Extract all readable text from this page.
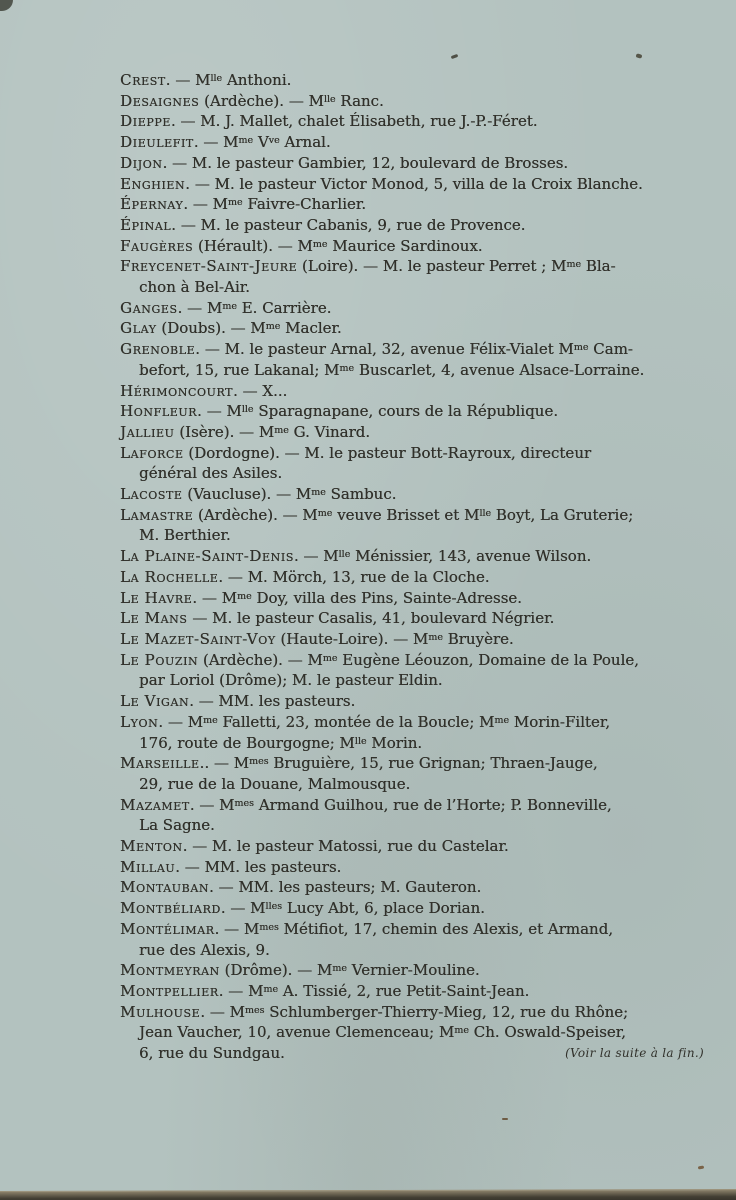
Crest. — Mlle Anthoni.
Desaignes (Ardèche). — Mlle Ranc.
Dieppe. — M. J. Mallet, chalet Élisabeth, rue J.-P.-Féret.
Dieulefit. — Mme Vve Arnal.
Dijon. — M. le pasteur Gambier, 12, boulevard de Brosses.
Enghien. — M. le pasteur Victor Monod, 5, villa de la Croix Blanche.
Épernay. — Mme Faivre-Charlier.
Épinal. — M. le pasteur Cabanis, 9, rue de Provence.
Faugères (Hérault). — Mme Maurice Sardinoux.
Freycenet-Saint-Jeure (Loire). — M. le pasteur Perret ; Mme Bla-
chon à Bel-Air.
Ganges. — Mme E. Carrière.
Glay (Doubs). — Mme Macler.
Grenoble. — M. le pasteur Arnal, 32, avenue Félix-Vialet Mme Cam-
befort, 15, rue Lakanal; Mme Buscarlet, 4, avenue Alsace-Lorraine.
Hérimoncourt. — X...
Honfleur. — Mlle Sparagnapane, cours de la République.
Jallieu (Isère). — Mme G. Vinard.
Laforce (Dordogne). — M. le pasteur Bott-Rayroux, directeur
général des Asiles.
Lacoste (Vaucluse). — Mme Sambuc.
Lamastre (Ardèche). — Mme veuve Brisset et Mlle Boyt, La Gruterie;
M. Berthier.
La Plaine-Saint-Denis. — Mlle Ménissier, 143, avenue Wilson.
La Rochelle. — M. Mörch, 13, rue de la Cloche.
Le Havre. — Mme Doy, villa des Pins, Sainte-Adresse.
Le Mans — M. le pasteur Casalis, 41, boulevard Négrier.
Le Mazet-Saint-Voy (Haute-Loire). — Mme Bruyère.
Le Pouzin (Ardèche). — Mme Eugène Léouzon, Domaine de la Poule,
par Loriol (Drôme); M. le pasteur Eldin.
Le Vigan. — MM. les pasteurs.
Lyon. — Mme Falletti, 23, montée de la Boucle; Mme Morin-Filter,
176, route de Bourgogne; Mlle Morin.
Marseille.. — Mmes Bruguière, 15, rue Grignan; Thraen-Jauge,
29, rue de la Douane, Malmousque.
Mazamet. — Mmes Armand Guilhou, rue de l’Horte; P. Bonneville,
La Sagne.
Menton. — M. le pasteur Matossi, rue du Castelar.
Millau. — MM. les pasteurs.
Montauban. — MM. les pasteurs; M. Gauteron.
Montbéliard. — Mlles Lucy Abt, 6, place Dorian.
Montélimar. — Mmes Métifiot, 17, chemin des Alexis, et Armand,
rue des Alexis, 9.
Montmeyran (Drôme). — Mme Vernier-Mouline.
Montpellier. — Mme A. Tissié, 2, rue Petit-Saint-Jean.
Mulhouse. — Mmes Schlumberger-Thierry-Mieg, 12, rue du Rhône;
Jean Vaucher, 10, avenue Clemenceau; Mme Ch. Oswald-Speiser,
6, rue du Sundgau.	(Voir la suite à la fin.)
